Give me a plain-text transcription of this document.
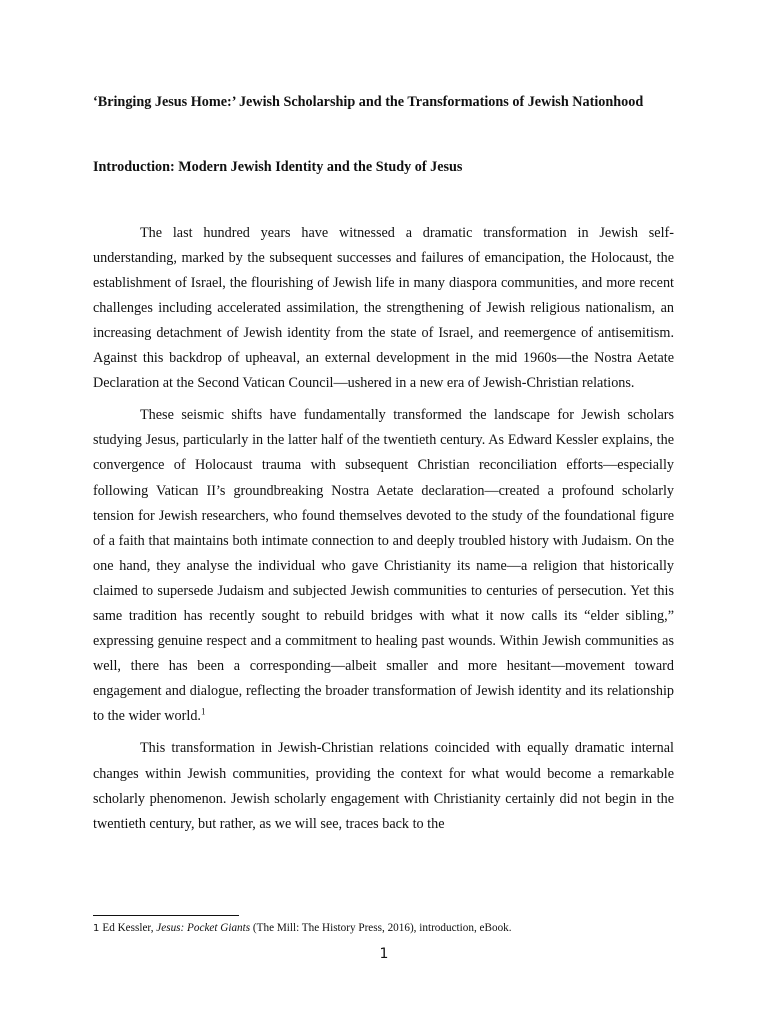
‘Bringing Jesus Home:’ Jewish Scholarship and the Transformations of Jewish Nationhood

Introduction: Modern Jewish Identity and the Study of Jesus

The last hundred years have witnessed a dramatic transformation in Jewish self-understanding, marked by the subsequent successes and failures of emancipation, the Holocaust, the establishment of Israel, the flourishing of Jewish life in many diaspora communities, and more recent challenges including accelerated assimilation, the strengthening of Jewish religious nationalism, an increasing detachment of Jewish identity from the state of Israel, and reemergence of antisemitism. Against this backdrop of upheaval, an external development in the mid 1960s—the Nostra Aetate Declaration at the Second Vatican Council—ushered in a new era of Jewish-Christian relations.

These seismic shifts have fundamentally transformed the landscape for Jewish scholars studying Jesus, particularly in the latter half of the twentieth century. As Edward Kessler explains, the convergence of Holocaust trauma with subsequent Christian reconciliation efforts—especially following Vatican II’s groundbreaking Nostra Aetate declaration—created a profound scholarly tension for Jewish researchers, who found themselves devoted to the study of the foundational figure of a faith that maintains both intimate connection to and deeply troubled history with Judaism. On the one hand, they analyse the individual who gave Christianity its name—a religion that historically claimed to supersede Judaism and subjected Jewish communities to centuries of persecution. Yet this same tradition has recently sought to rebuild bridges with what it now calls its “elder sibling,” expressing genuine respect and a commitment to healing past wounds. Within Jewish communities as well, there has been a corresponding—albeit smaller and more hesitant—movement toward engagement and dialogue, reflecting the broader transformation of Jewish identity and its relationship to the wider world.$^1$

This transformation in Jewish-Christian relations coincided with equally dramatic internal changes within Jewish communities, providing the context for what would become a remarkable scholarly phenomenon. Jewish scholarly engagement with Christianity certainly did not begin in the twentieth century, but rather, as we will see, traces back to the

1 Ed Kessler, Jesus: Pocket Giants (The Mill: The History Press, 2016), introduction, eBook.
1
